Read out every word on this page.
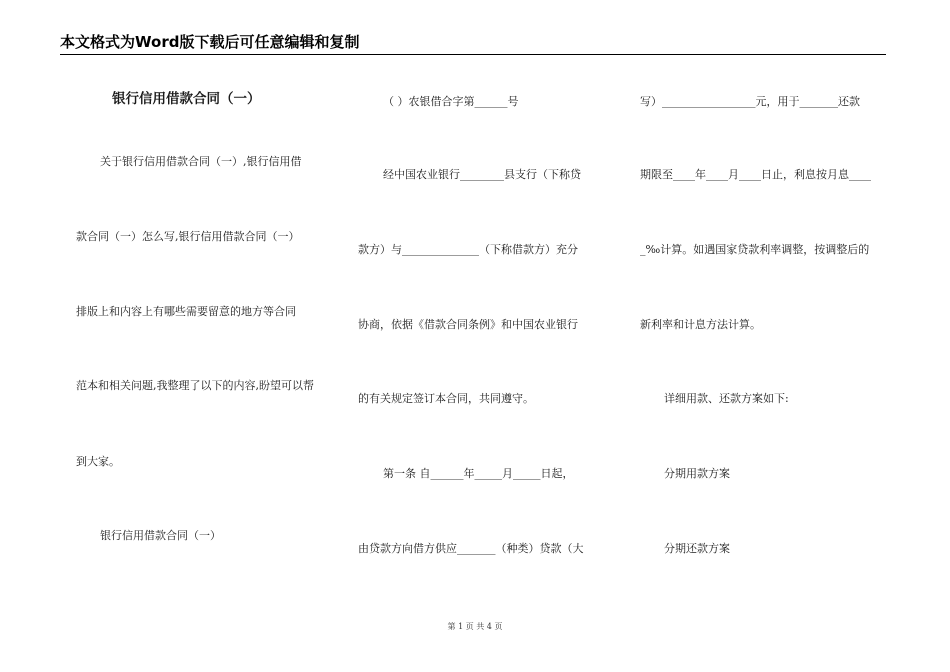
本文格式为Word版下载后可任意编辑和复制
银行信用借款合同（一）
关于银行信用借款合同（一）,银行信用借
款合同（一）怎么写,银行信用借款合同（一）
排版上和内容上有哪些需要留意的地方等合同
范本和相关问题,我整理了以下的内容,盼望可以帮
到大家。
银行信用借款合同（一）
（ ）农银借合字第______号
经中国农业银行________县支行（下称贷
款方）与______________（下称借款方）充分
协商，依据《借款合同条例》和中国农业银行
的有关规定签订本合同，共同遵守。
第一条 自______年_____月_____日起，
由贷款方向借方供应_______（种类）贷款（大
写）_________________元，用于_______还款
期限至____年____月____日止，利息按月息____
_‰计算。如遇国家贷款利率调整，按调整后的
新利率和计息方法计算。
详细用款、还款方案如下:
分期用款方案
分期还款方案
第 1 页 共 4 页
